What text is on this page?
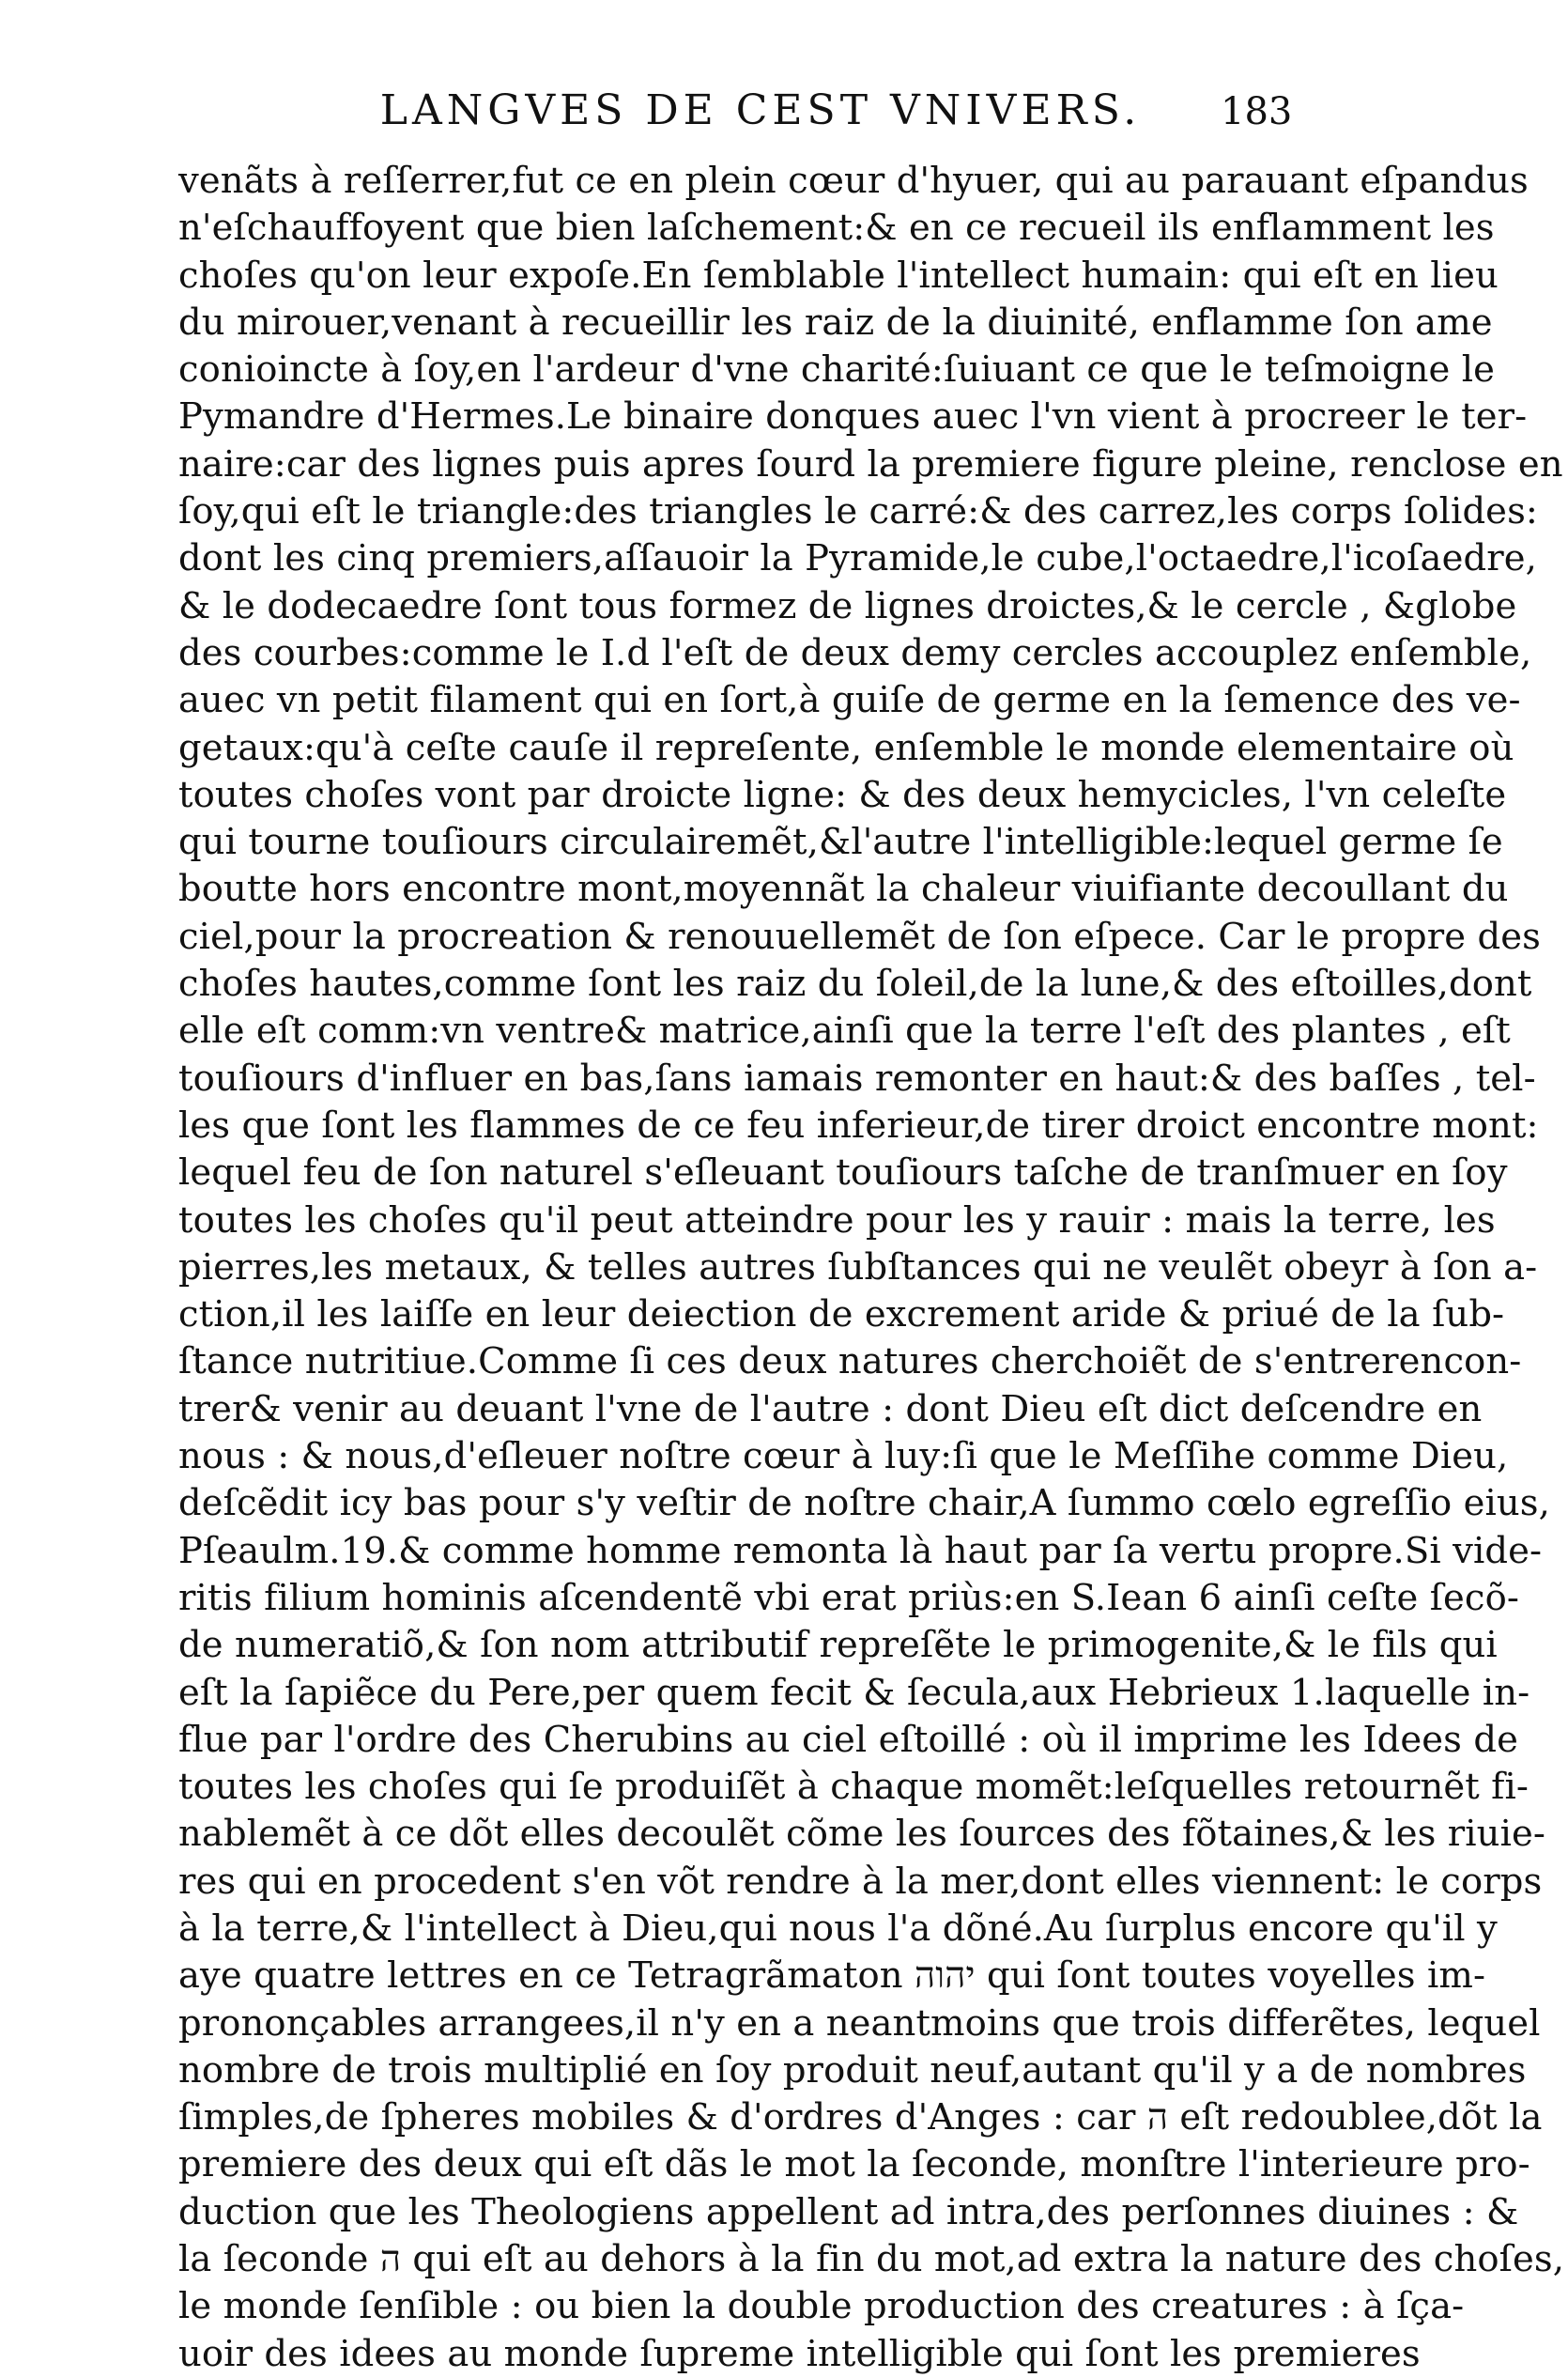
LANGVES DE CEST VNIVERS.	183
venãts à reſſerrer,fut ce en plein cœur d'hyuer, qui au parauant eſpandus
n'eſchauffoyent que bien laſchement:& en ce recueil ils enflamment les
choſes qu'on leur expoſe.En ſemblable l'intellect humain: qui eſt en lieu
du mirouer,venant à recueillir les raiz de la diuinité, enflamme ſon ame
conioincte à ſoy,en l'ardeur d'vne charité:ſuiuant ce que le teſmoigne le
Pymandre d'Hermes.Le binaire donques auec l'vn vient à procreer le ter-
naire:car des lignes puis apres ſourd la premiere figure pleine, renclose en
ſoy,qui eſt le triangle:des triangles le carré:& des carrez,les corps ſolides:
dont les cinq premiers,aſſauoir la Pyramide,le cube,l'octaedre,l'icoſaedre,
& le dodecaedre ſont tous formez de lignes droictes,& le cercle , &globe
des courbes:comme le I.d l'eſt de deux demy cercles accouplez enſemble,
auec vn petit filament qui en ſort,à guiſe de germe en la ſemence des ve-
getaux:qu'à ceſte cauſe il repreſente, enſemble le monde elementaire où
toutes choſes vont par droicte ligne: & des deux hemycicles, l'vn celeſte
qui tourne touſiours circulairemẽt,&l'autre l'intelligible:lequel germe ſe
boutte hors encontre mont,moyennãt la chaleur viuifiante decoullant du
ciel,pour la procreation & renouuellemẽt de ſon eſpece. Car le propre des
choſes hautes,comme ſont les raiz du ſoleil,de la lune,& des eſtoilles,dont
elle eſt comm:vn ventre& matrice,ainſi que la terre l'eſt des plantes , eſt
touſiours d'influer en bas,ſans iamais remonter en haut:& des baſſes , tel-
les que ſont les flammes de ce feu inferieur,de tirer droict encontre mont:
lequel feu de ſon naturel s'eſleuant touſiours taſche de tranſmuer en ſoy
toutes les choſes qu'il peut atteindre pour les y rauir : mais la terre, les
pierres,les metaux, & telles autres ſubſtances qui ne veulẽt obeyr à ſon a-
ction,il les laiſſe en leur deiection de excrement aride & priué de la ſub-
ſtance nutritiue.Comme ſi ces deux natures cherchoiẽt de s'entrerencon-
trer& venir au deuant l'vne de l'autre : dont Dieu eſt dict deſcendre en
nous : & nous,d'eſleuer noſtre cœur à luy:ſi que le Meſſihe comme Dieu,
deſcẽdit icy bas pour s'y veſtir de noſtre chair,A ſummo cœlo egreſſio eius,
Pſeaulm.19.& comme homme remonta là haut par ſa vertu propre.Si vide-
ritis filium hominis aſcendentẽ vbi erat priùs:en S.Iean 6 ainſi ceſte ſecõ-
de numeratiõ,& ſon nom attributif repreſẽte le primogenite,& le fils qui
eſt la ſapiẽce du Pere,per quem fecit & ſecula,aux Hebrieux 1.laquelle in-
flue par l'ordre des Cherubins au ciel eſtoillé : où il imprime les Idees de
toutes les choſes qui ſe produiſẽt à chaque momẽt:leſquelles retournẽt fi-
nablemẽt à ce dõt elles decoulẽt cõme les ſources des fõtaines,& les riuie-
res qui en procedent s'en võt rendre à la mer,dont elles viennent: le corps
à la terre,& l'intellect à Dieu,qui nous l'a dõné.Au ſurplus encore qu'il y
aye quatre lettres en ce Tetragrãmaton יהוה qui ſont toutes voyelles im-
prononçables arrangees,il n'y en a neantmoins que trois differẽtes, lequel
nombre de trois multiplié en ſoy produit neuf,autant qu'il y a de nombres
ſimples,de ſpheres mobiles & d'ordres d'Anges : car ה eſt redoublee,dõt la
premiere des deux qui eſt dãs le mot la ſeconde, monſtre l'interieure pro-
duction que les Theologiens appellent ad intra,des perſonnes diuines : &
la ſeconde ה qui eſt au dehors à la fin du mot,ad extra la nature des choſes,
le monde ſenſible : ou bien la double production des creatures : à ſça-
uoir des idees au monde ſupreme intelligible qui ſont les premieres
